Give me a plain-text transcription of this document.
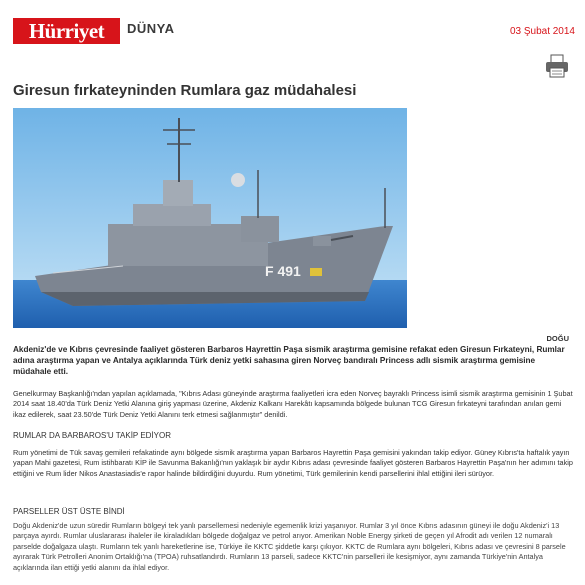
Hürriyet	DÜNYA	03 Şubat 2014
Giresun fırkateyninden Rumlara gaz müdahalesi
F 491
DOĞU

Akdeniz'de ve Kıbrıs çevresinde faaliyet gösteren Barbaros Hayrettin Paşa sismik araştırma gemisine refakat eden Giresun Fırkateyni, Rumlar adına araştırma yapan ve Antalya açıklarında Türk deniz yetki sahasına giren Norveç bandıralı Princess adlı sismik araştırma gemisine müdahale etti.

Genelkurmay Başkanlığı'ndan yapılan açıklamada, "Kıbrıs Adası güneyinde araştırma faaliyetleri icra eden Norveç bayraklı Princess isimli sismik araştırma gemisinin 1 Şubat 2014 saat 18.40'da Türk Deniz Yetki Alanına giriş yapması üzerine, Akdeniz Kalkanı Harekâtı kapsamında bölgede bulunan TCG Giresun fırkateyni tarafından anılan gemi ikaz edilerek, saat 23.50'de Türk Deniz Yetki Alanını terk etmesi sağlanmıştır" denildi.

RUMLAR DA BARBAROS'U TAKİP EDİYOR

Rum yönetimi de Tük savaş gemileri refakatinde aynı bölgede sismik araştırma yapan Barbaros Hayrettin Paşa gemisini yakından takip ediyor. Güney Kıbrıs'ta haftalık yayın yapan Mahi gazetesi, Rum istihbaratı KİP ile Savunma Bakanlığı'nın yaklaşık bir aydır Kıbrıs adası çevresinde faaliyet gösteren Barbaros Hayrettin Paşa'nın her adımını takip ettiğini ve Rum lider Nikos Anastasiadis'e rapor halinde bildirdiğini duyurdu. Rum yönetimi, Türk gemilerinin kendi parsellerini ihlal ettiğini ileri sürüyor.

PARSELLER ÜST ÜSTE BİNDİ

Doğu Akdeniz'de uzun süredir Rumların bölgeyi tek yanlı parsellemesi nedeniyle egemenlik krizi yaşanıyor. Rumlar 3 yıl önce Kıbrıs adasının güneyi ile doğu Akdeniz'i 13 parçaya ayırdı. Rumlar uluslararası ihaleler ile kiraladıkları bölgede doğalgaz ve petrol arıyor. Amerikan Noble Energy şirketi de geçen yıl Afrodit adı verilen 12 numaralı parselde doğalgaza ulaştı. Rumların tek yanlı hareketlerine ise, Türkiye ile KKTC şiddetle karşı çıkıyor. KKTC de Rumlara aynı bölgeleri, Kıbrıs adası ve çevresini 8 parsele ayırarak Türk Petrolleri Anonim Ortaklığı'na (TPOA) ruhsatlandırdı. Rumların 13 parseli, sadece KKTC'nin parselleri ile kesişmiyor, aynı zamanda Türkiye'nin Antalya açıklarında ilan ettiği yetki alanını da ihlal ediyor.
